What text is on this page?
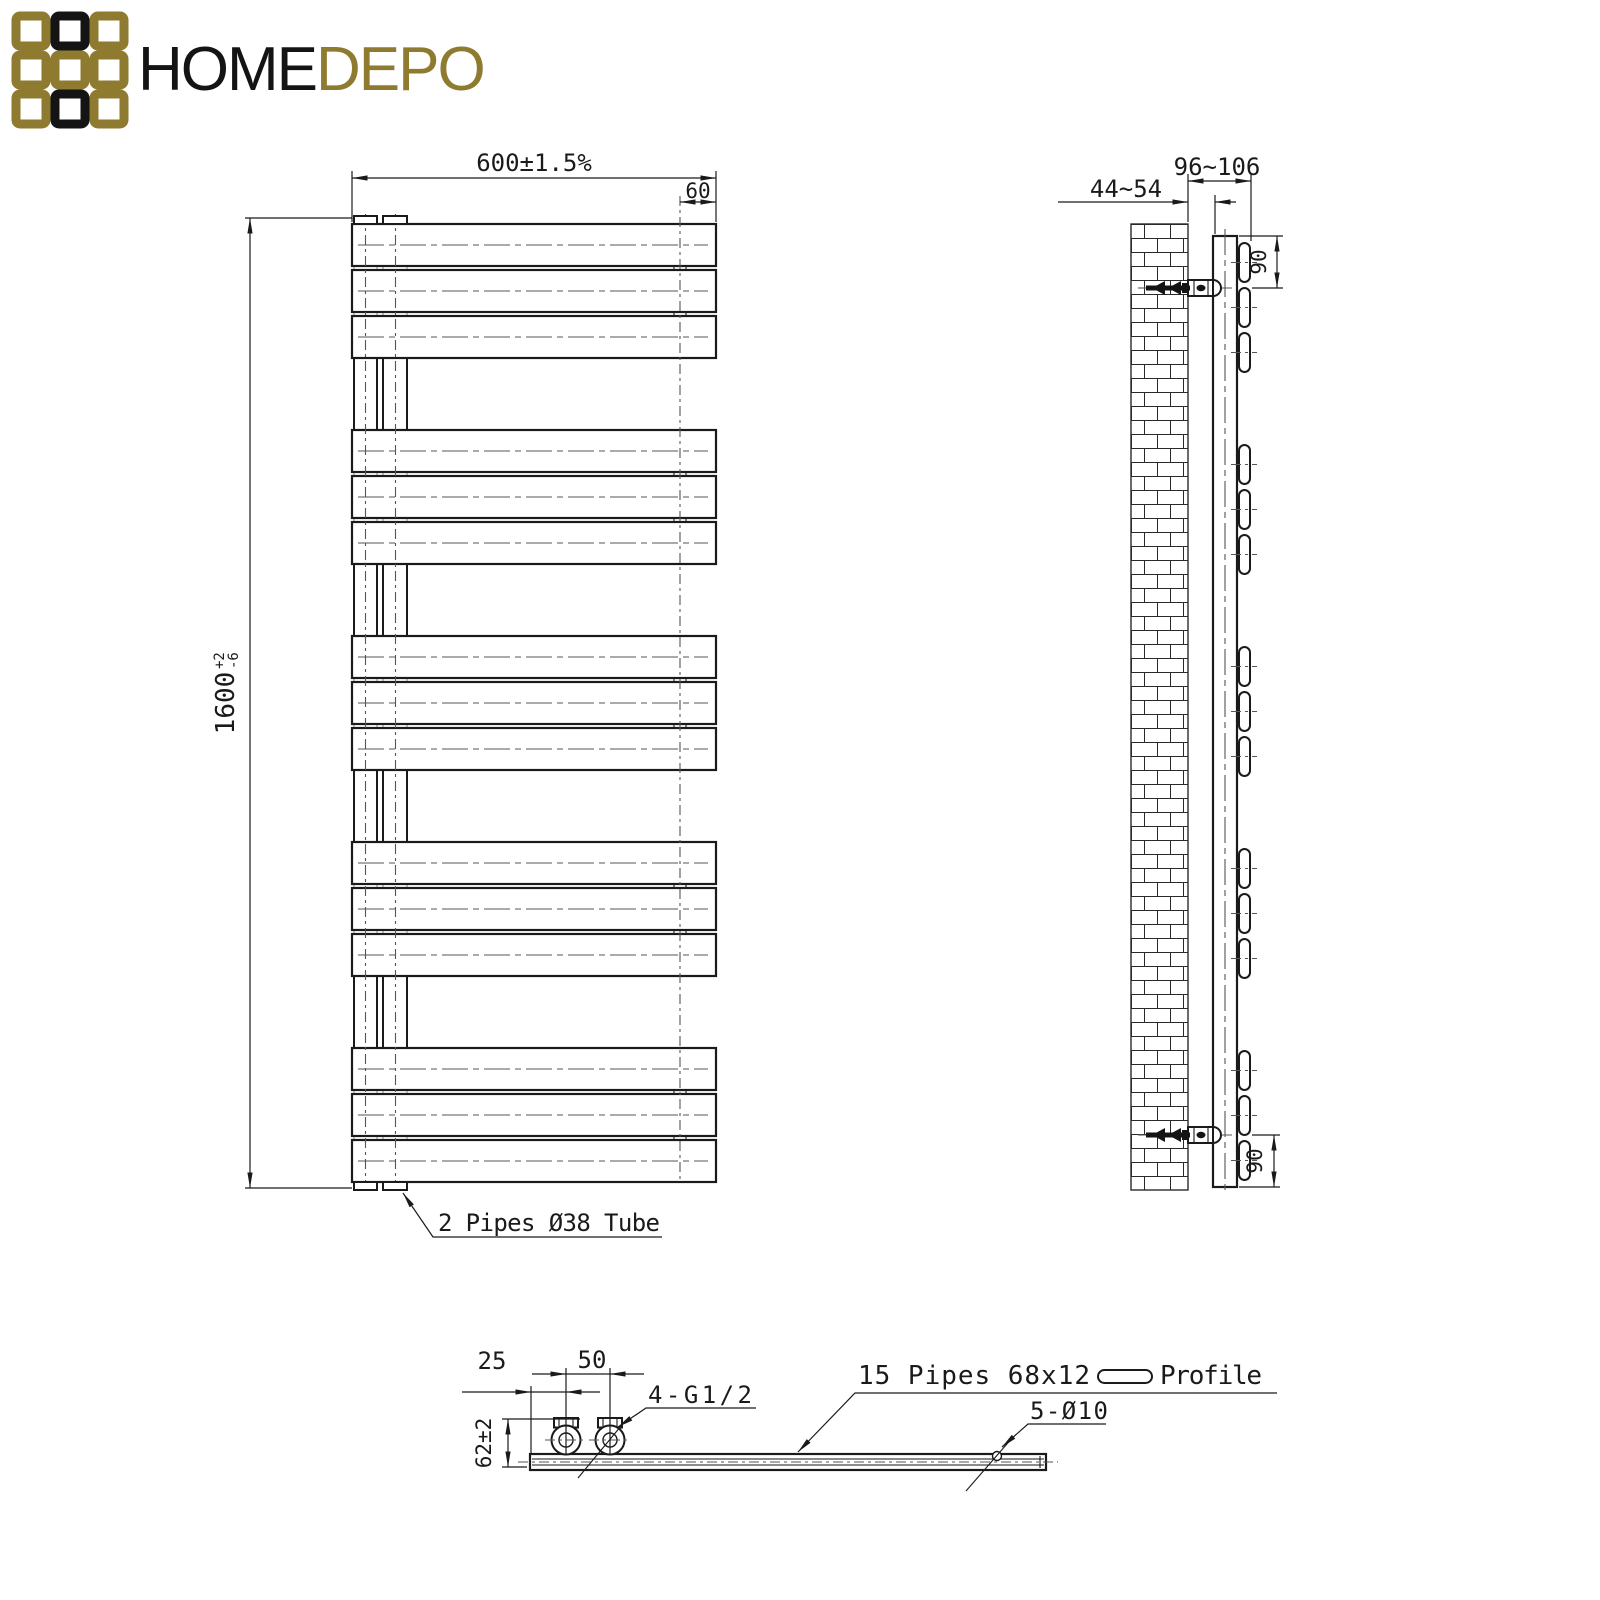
HOMEDEPO
600±1.5%
60
1600
+2
-6
2 Pipes Ø38 Tube
96~106
44~54
90
90
50
25
62±2
4-G1/2
15 Pipes 68x12	Profile
5-Ø10
